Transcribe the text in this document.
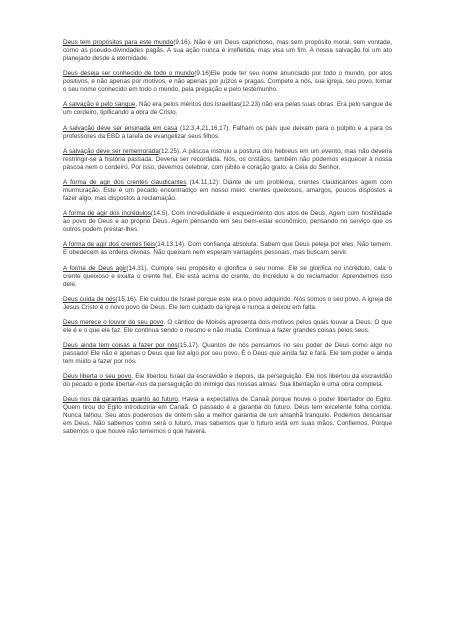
Deus tem propósitos para este mundo(9.16). Não é um Deus caprichoso, mas sem propósito moral, sem vontade, como as pseudo-divindades pagãs. A sua ação nunca é irrefletida, mas visa um fim. A nossa salvação foi um ato planejado desde a eternidade.

Deus deseja ser conhecido de todo o mundo(9.16)Ele pode ter seu nome anunciado por todo o mundo, por atos positivos, e não apenas por motivos, e não apenas por juízos e pragas. Compete a nós, sua igreja, seu povo, tornar o seu nome conhecido em todo o mundo, pela pregação e pelo testemunho.

A salvação é pelo sangue. Não era pelos méritos dos israelitas(12.23) não era pelas suas obras. Era pelo sangue de um cordeiro, tipificando a obra de Cristo.

A salvação deve ser ensinada em casa (12.3,4,21,16,17). Falham os pais que deixam para o púlpito e a para os professores da EBD a tarefa de evangelizar seus filhos.

A salvação deve ser rememorada(12.25). A páscoa instruiu a postura dos hebreus em um evento, mas não deveria restringir-se à história passada. Deveria ser recordada. Nós, os cristãos, também não podemos esquecer à nossa páscoa nem o cordeiro. Por isso, devemos celebrar, com júbilo e coração grato, a Ceia do Senhor.

A forma de agir dos crentes claudicantes (14.11,12): Diante de um problema, crentes claudicantes agem com murmuração. Este é um pecado encontradiço em nosso meio: crentes queixosos, amargos, poucos dispostos a fazer algo, mas dispostos à reclamação.

A forma de agir dos incrédulos(14.5). Com incredulidade e esquecimento dos atos de Deus. Agem com hostilidade ao povo de Deus e ao próprio Deus. Agem pensando em seu bem-estar econômico, pensando no serviço que os outros podem prestar-lhes.

A forma de agir dos crentes fiéis(14.13,14). Com confiança absoluta. Sabem que Deus peleja por eles. Não temem. E obedecem às ordens divinas. Não queixam nem esperam vantagens pessoais, mas buscam servir.

A forma de Deus agir(14.31). Cumpre seu propósito e glorifica o seu nome. Ele se glorifica no incrédulo, cala o crente queixoso e exalta o crente fiel. Ele está acima do crente, do incrédulo e do reclamador. Aprendemos isso dele.

Deus cuida de nós(15.16). Ele cuidou de Israel porque este era o povo adquirido. Nós somos o seu povo. A igreja de Jesus Cristo é o novo povo de Deus. Ele tem cuidado da igreja e nunca a deixou em falta.

Deus merece o louvor do seu povo. O cântico de Moisés apresenta dois motivos pelos quais louvar a Deus. O que ele é e o que ele faz. Ele continua sendo o mesmo e não muda. Continua a fazer grandes coisas pelos seus.

Deus ainda tem coisas a fazer por nós(15.17). Quantos de nós pensamos no seu poder de Deus como algo no passado! Ele não é apenas o Deus que fez algo por seu povo. É o Deus que ainda faz e fará. Ele tem poder e ainda tem muito a fazer por nós.

Deus liberta o seu povo. Ele libertou Israel da escravidão e depois, da perseguição. Ele nos libertou da escravidão do pecado e pode libertar-nos da perseguição do inimigo das nossas almas. Sua libertação é uma obra completa.

Deus nos dá garantias quanto ao futuro. Havia a expectativa de Canaã porque houve o poder libertador do Egito. Quem tirou do Egito introduziria em Canaã. O passado é a garantia do futuro. Deus tem excelente folha corrida. Nunca falhou. Seu atos poderosos de ontem são a melhor garantia de um amanhã tranquilo. Podemos descansar em Deus. Não sabemos como será o futuro, mas sabemos que o futuro está em suas mãos. Confiemos. Porque sabemos o que houve não tememos o que haverá.
